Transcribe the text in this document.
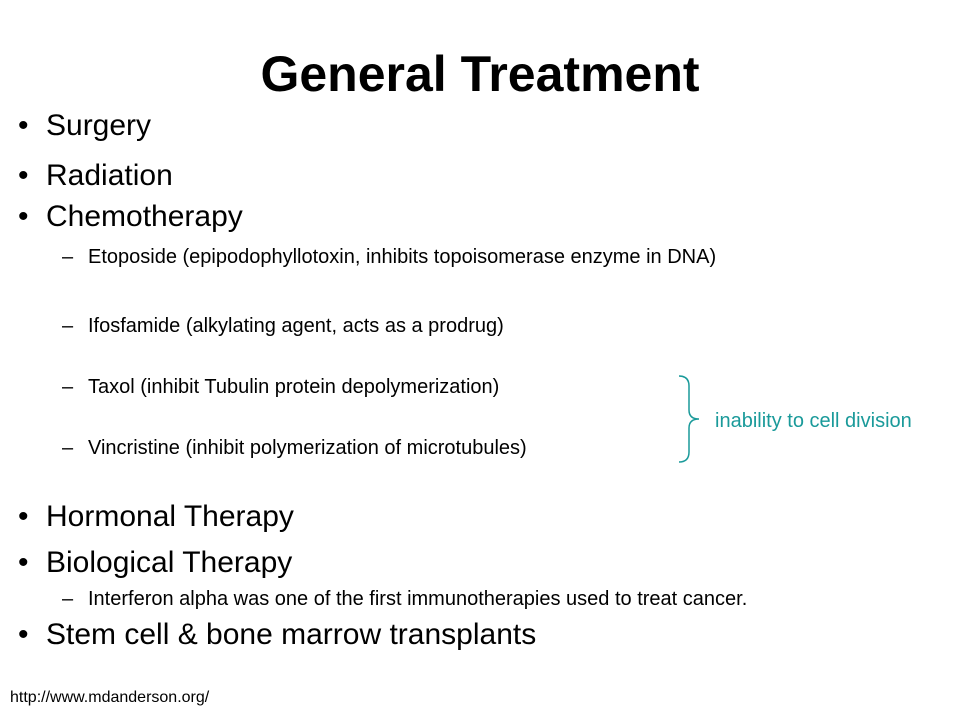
General Treatment
• Surgery
• Radiation
• Chemotherapy
– Etoposide (epipodophyllotoxin, inhibits topoisomerase enzyme in DNA)
– Ifosfamide (alkylating agent, acts as a prodrug)
– Taxol (inhibit Tubulin protein depolymerization)
– Vincristine (inhibit polymerization of microtubules)
inability to cell division
• Hormonal Therapy
• Biological Therapy
– Interferon alpha was one of the first immunotherapies used to treat cancer.
• Stem cell & bone marrow transplants
http://www.mdanderson.org/
